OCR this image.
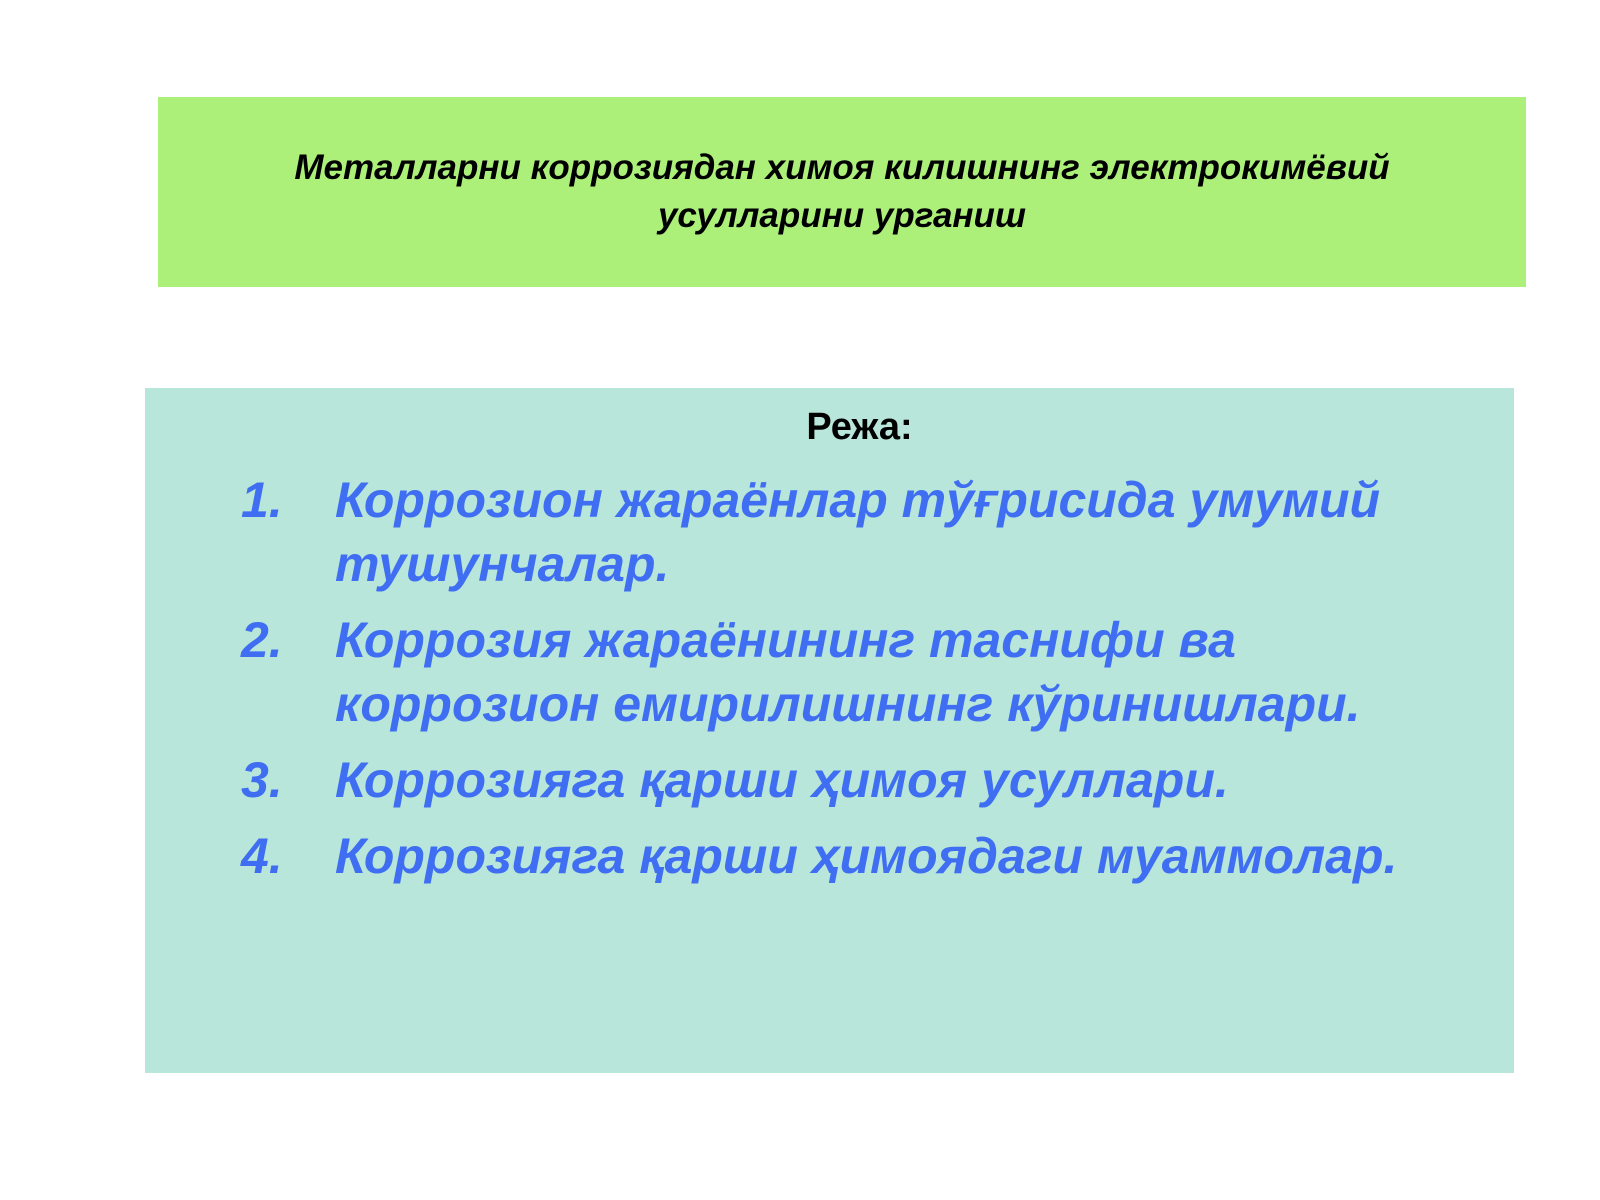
Металларни коррозиядан химоя килишнинг электрокимёвий усулларини урганиш

Режа:

1.	Коррозион жараёнлар тўғрисида умумий тушунчалар.
2.	Коррозия жараёнининг таснифи ва коррозион емирилишнинг кўринишлари.
3.	Коррозияга қарши ҳимоя усуллари.
4.	Коррозияга қарши ҳимоядаги муаммолар.
